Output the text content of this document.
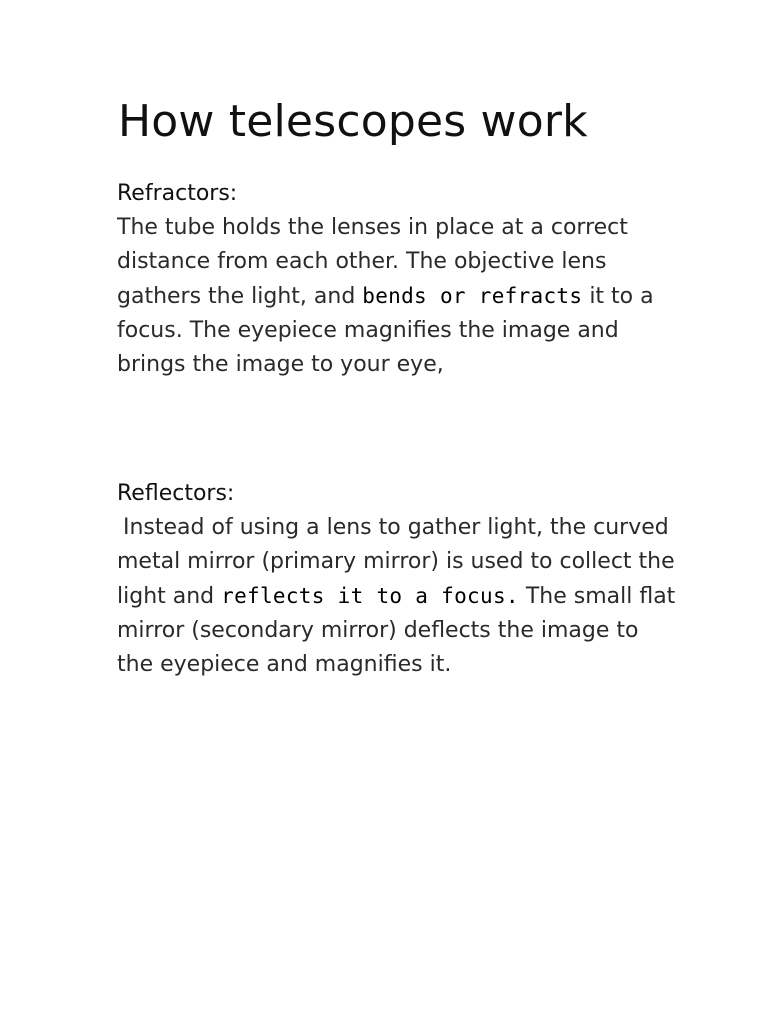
How telescopes work
Refractors:

The tube holds the lenses in place at a correct distance from each other. The objective lens gathers the light, and bends or refracts it to a focus. The eyepiece magnifies the image and brings the image to your eye,

Reflectors:

Instead of using a lens to gather light, the curved metal mirror (primary mirror) is used to collect the light and reflects it to a focus. The small flat mirror (secondary mirror) deflects the image to the eyepiece and magnifies it.
